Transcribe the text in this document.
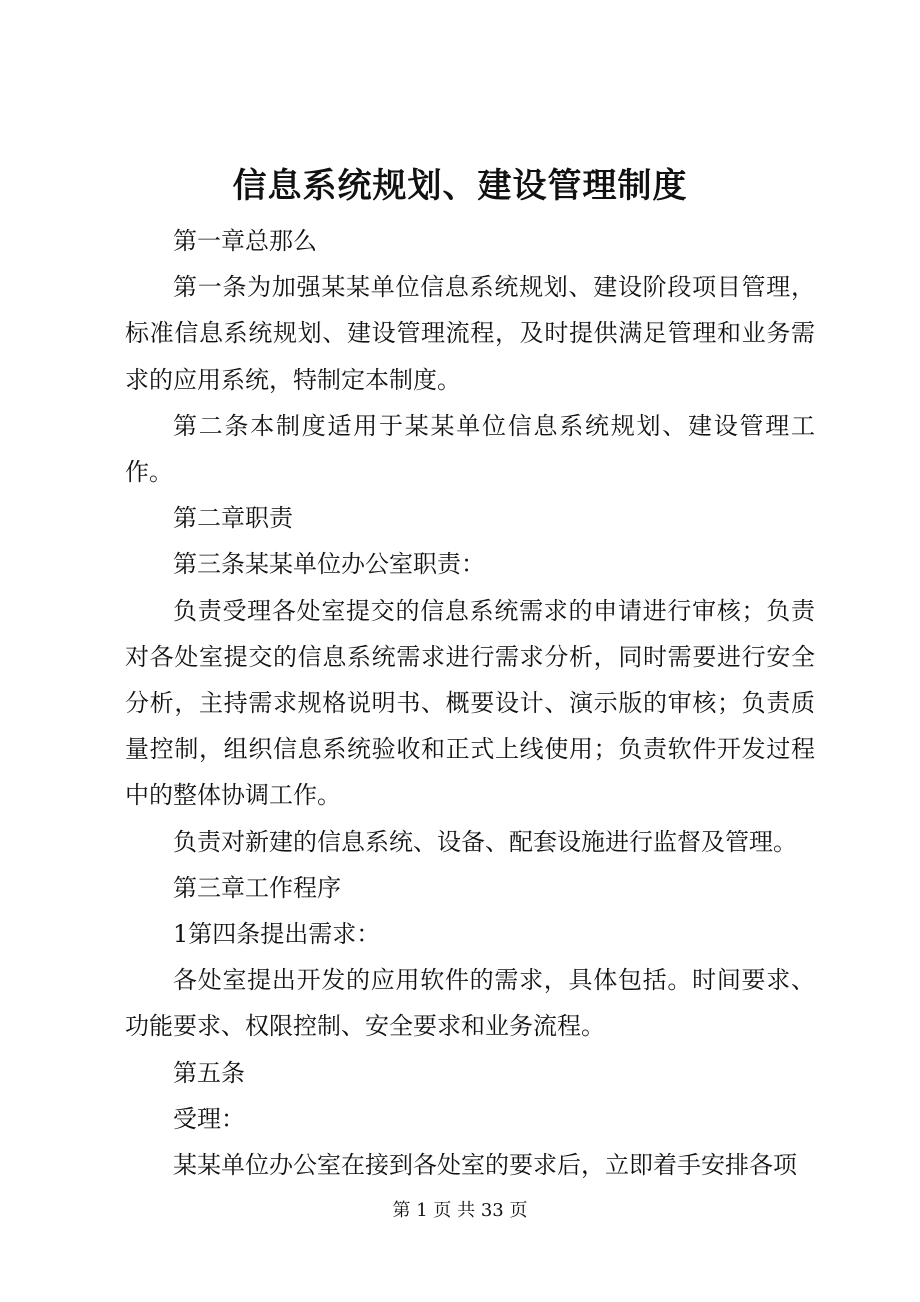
信息系统规划、建设管理制度

第一章总那么

第一条为加强某某单位信息系统规划、建设阶段项目管理，标准信息系统规划、建设管理流程，及时提供满足管理和业务需求的应用系统，特制定本制度。

第二条本制度适用于某某单位信息系统规划、建设管理工作。

第二章职责

第三条某某单位办公室职责：

负责受理各处室提交的信息系统需求的申请进行审核；负责对各处室提交的信息系统需求进行需求分析，同时需要进行安全分析，主持需求规格说明书、概要设计、演示版的审核；负责质量控制，组织信息系统验收和正式上线使用；负责软件开发过程中的整体协调工作。

负责对新建的信息系统、设备、配套设施进行监督及管理。

第三章工作程序

1第四条提出需求：

各处室提出开发的应用软件的需求，具体包括。时间要求、功能要求、权限控制、安全要求和业务流程。

第五条

受理：

某某单位办公室在接到各处室的要求后，立即着手安排各项

第 1 页 共 33 页
